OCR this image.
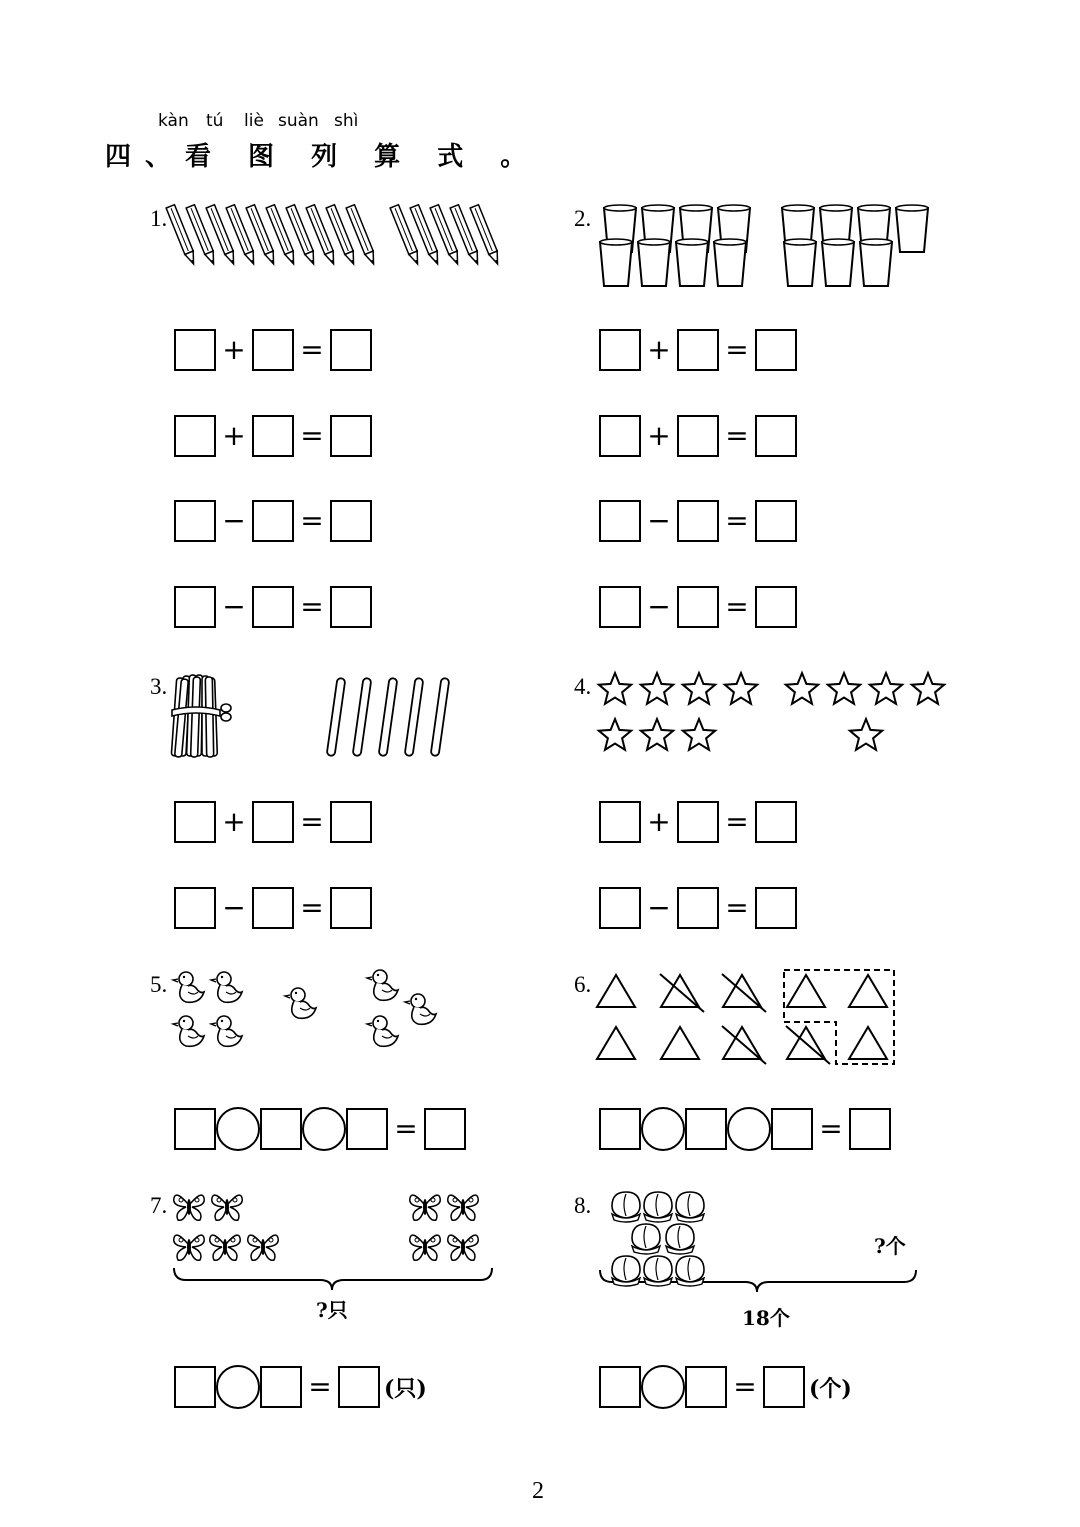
kàn tú liè suàn shì
四、看 图 列 算 式 。
1.	2.
+ =	+ =
+ =	+ =
− =	− =
− =	− =
3.	4.
+ =	+ =
− =	− =
5.	6.
7.
?只
8.
?个
18个
=	=
= (只)	= (个)
2
